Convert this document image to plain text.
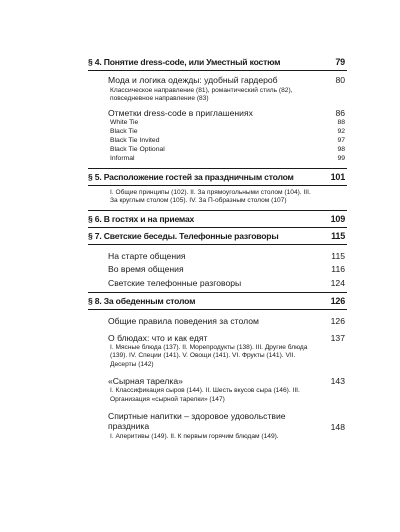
§ 4. Понятие dress-code, или Уместный костюм	79
Мода и логика одежды: удобный гардероб	80
Классическое направление (81), романтический стиль (82), повседневное направление (83)
Отметки dress-code в приглашениях	86
White Tie	88
Black Tie	92
Black Tie Invited	97
Black Tie Optional	98
Informal	99
§ 5. Расположение гостей за праздничным столом	101
I. Общие принципы (102). II. За прямоугольными столом (104). III. За круглым столом (105). IV. За П-образным столом (107)
§ 6. В гостях и на приемах	109
§ 7. Светские беседы. Телефонные разговоры	115
На старте общения	115
Во время общения	116
Светские телефонные разговоры	124
§ 8. За обеденным столом	126
Общие правила поведения за столом	126
О блюдах: что и как едят	137
I. Мясные блюда (137). II. Морепродукты (138). III. Другие блюда (139). IV. Специи (141). V. Овощи (141). VI. Фрукты (141). VII. Десерты (142)
«Сырная тарелка»	143
I. Классификация сыров (144). II. Шесть вкусов сыра (146). III. Организация «сырной тарелки» (147)
Спиртные напитки – здоровое удовольствие праздника	148
I. Аперитивы (149). II. К первым горячим блюдам (149).
